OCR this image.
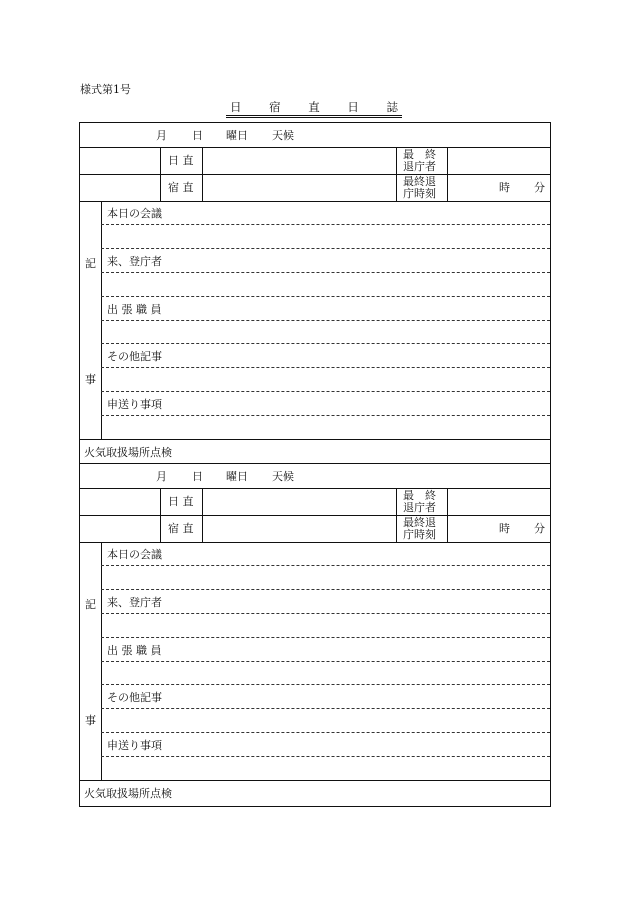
様式第1号
日 宿 直 日 誌
月 日 曜日 天候
日 直
宿 直
最　終
退庁者
最終退
庁時刻	時 分
記
事
本日の会議
来、登庁者
出 張 職 員
その他記事
申送り事項
火気取扱場所点検
月 日 曜日 天候
日 直
宿 直
最　終
退庁者
最終退
庁時刻	時 分
記
事
本日の会議
来、登庁者
出 張 職 員
その他記事
申送り事項
火気取扱場所点検
